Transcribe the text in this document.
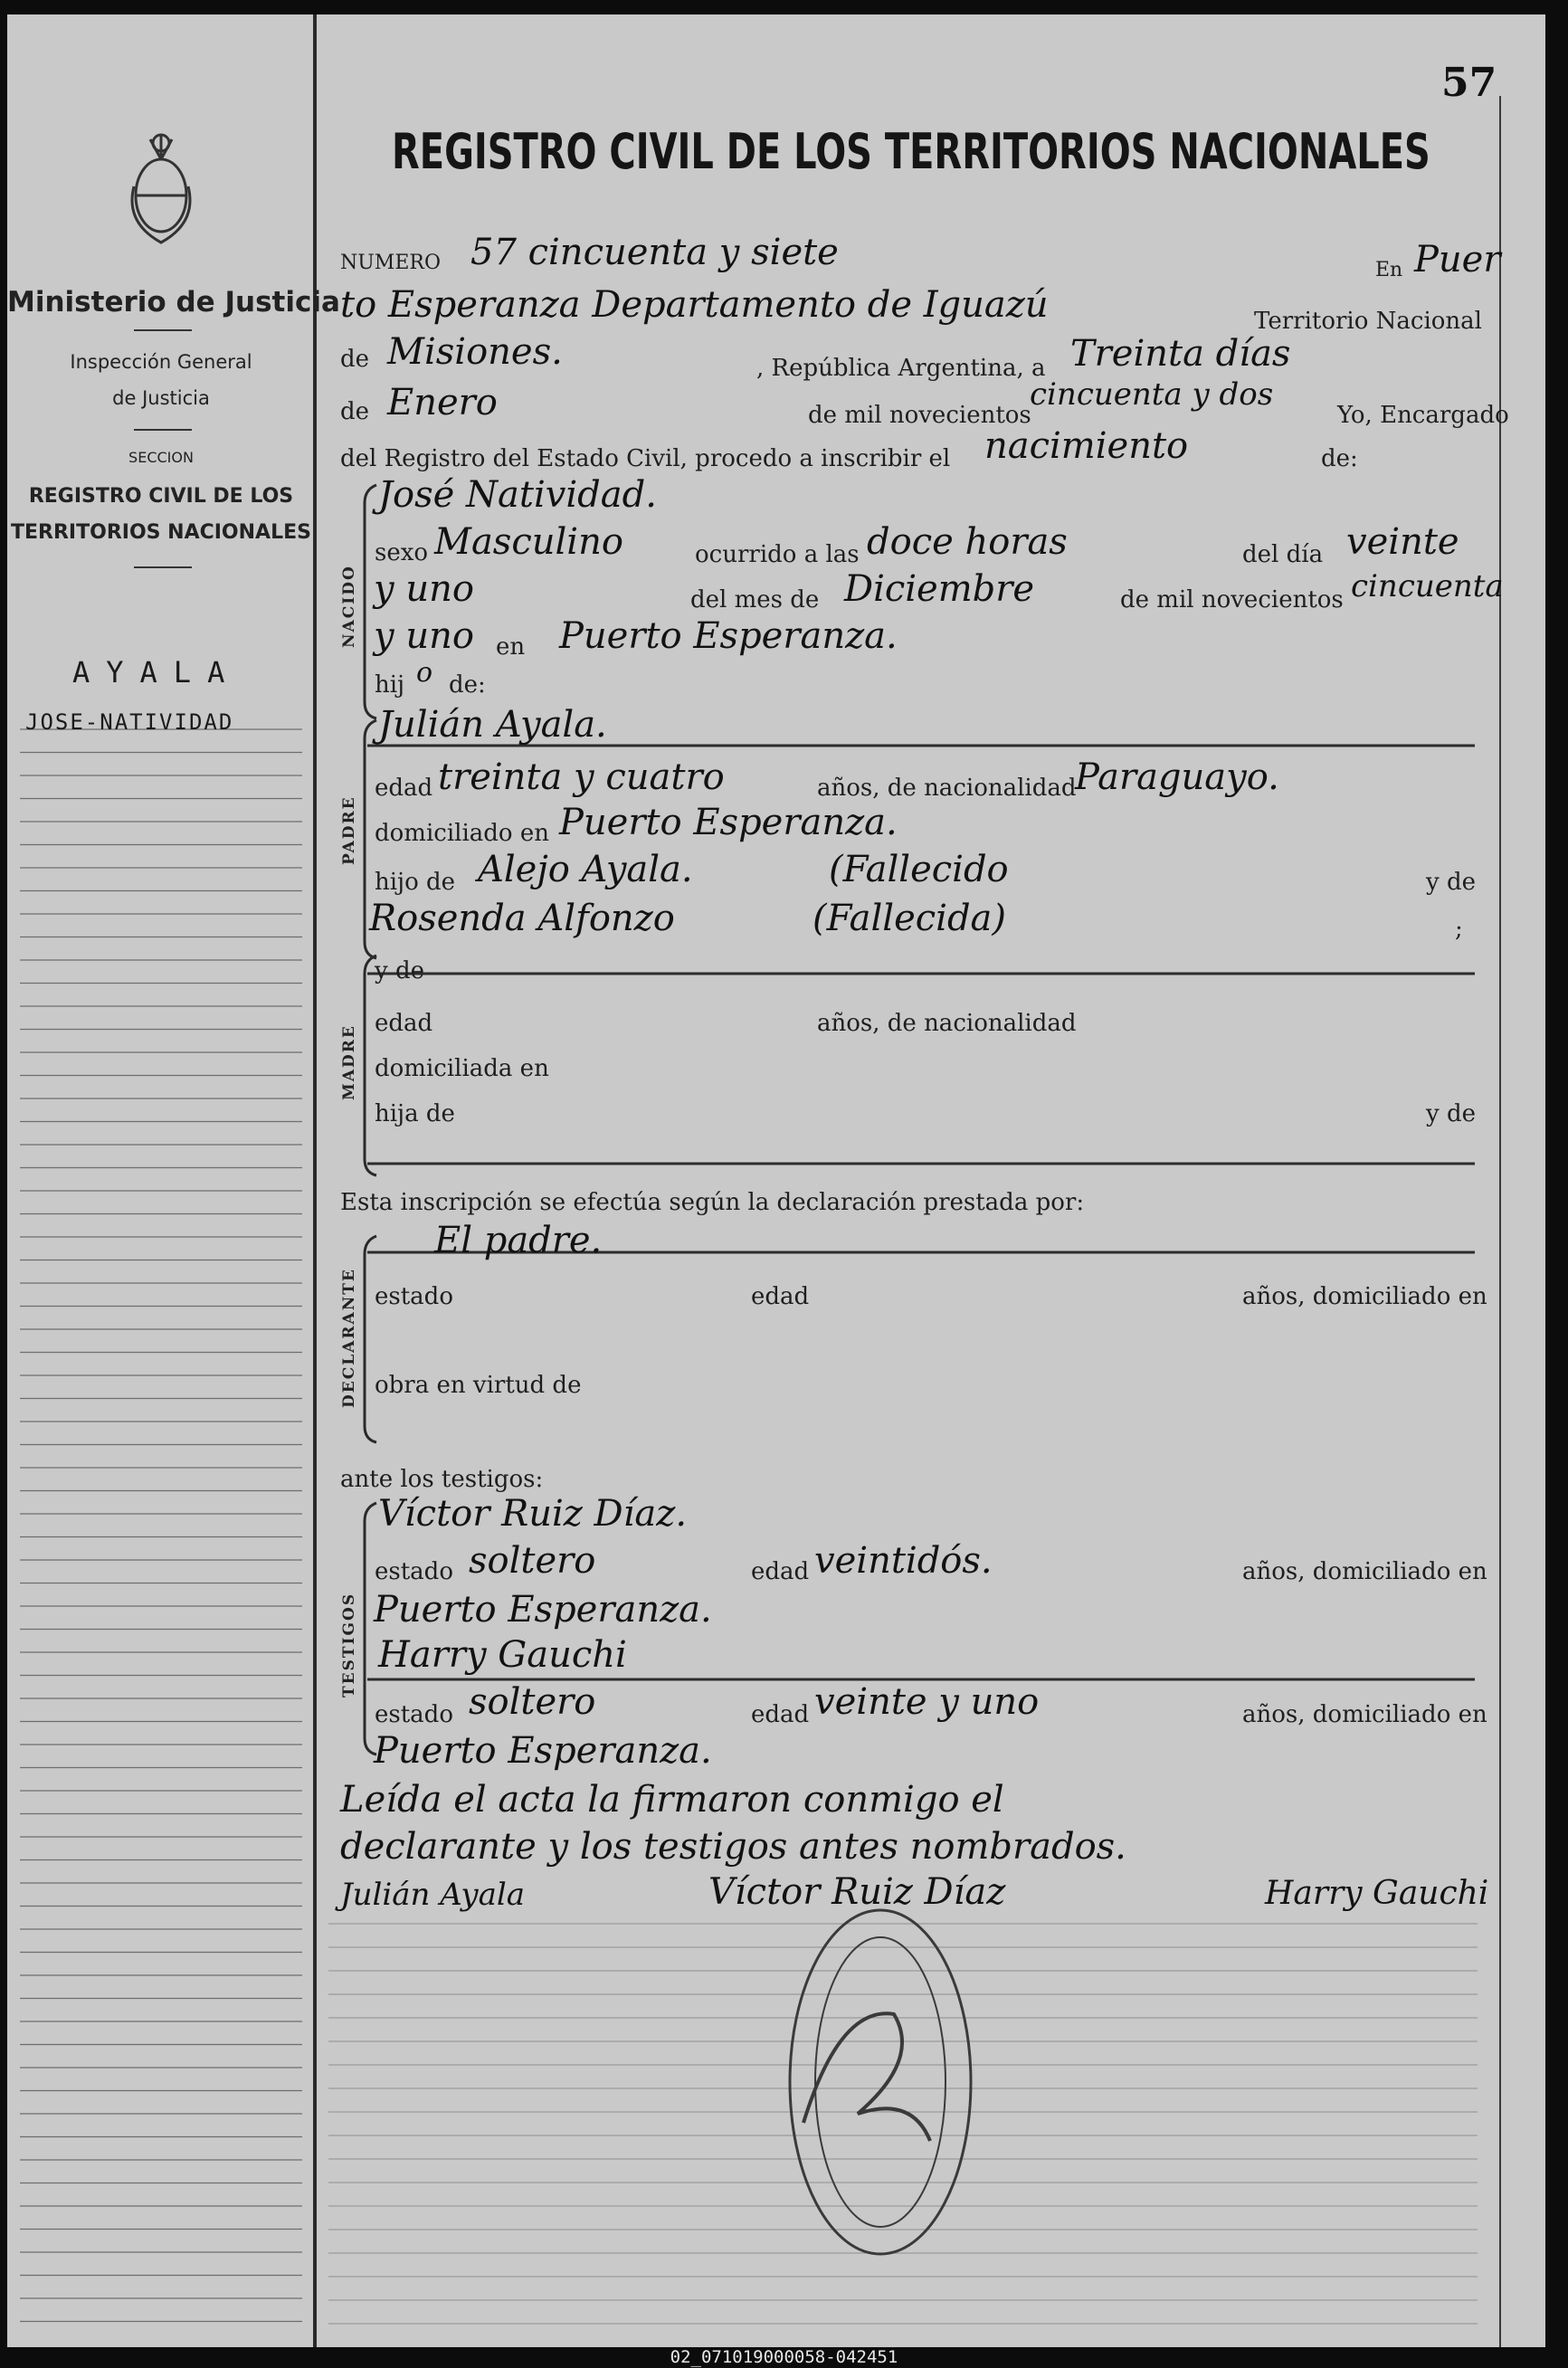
57
REGISTRO CIVIL DE LOS TERRITORIOS NACIONALES
Ministerio de Justicia
Inspección General
de Justicia
SECCION
REGISTRO CIVIL DE LOS
TERRITORIOS NACIONALES
AYALA
JOSE-NATIVIDAD
NACIDO
PADRE
MADRE
DECLARANTE
TESTIGOS
NUMERO	En
Territorio Nacional
de	, República Argentina, a
de	de mil novecientos	Yo, Encargado
del Registro del Estado Civil, procedo a inscribir el	de:
sexo	ocurrido a las	del día
del mes de	de mil novecientos
en
hij de:
edad	años, de nacionalidad
domiciliado en
hijo de	y de
;
y de
edad	años, de nacionalidad
domiciliada en
hija de	y de
Esta inscripción se efectúa según la declaración prestada por:
estado	edad	años, domiciliado en
obra en virtud de
ante los testigos:
estado	edad	años, domiciliado en
estado	edad	años, domiciliado en
57 cincuenta y siete	Puer
to Esperanza Departamento de Iguazú
Misiones.	Treinta días
Enero	cincuenta y dos
nacimiento
José Natividad.
Masculino	doce horas	veinte
y uno	Diciembre	cincuenta
y uno Puerto Esperanza.
o
Julián Ayala.
treinta y cuatro	Paraguayo.
Puerto Esperanza.
Alejo Ayala.	(Fallecido
Rosenda Alfonzo	(Fallecida)
El padre.
Víctor Ruiz Díaz.
soltero	veintidós.
Puerto Esperanza.
Harry Gauchi
soltero	veinte y uno
Puerto Esperanza.
Leída el acta la firmaron conmigo el
declarante y los testigos antes nombrados.
Julián Ayala	Víctor Ruiz Díaz	Harry Gauchi
02_071019000058-042451
